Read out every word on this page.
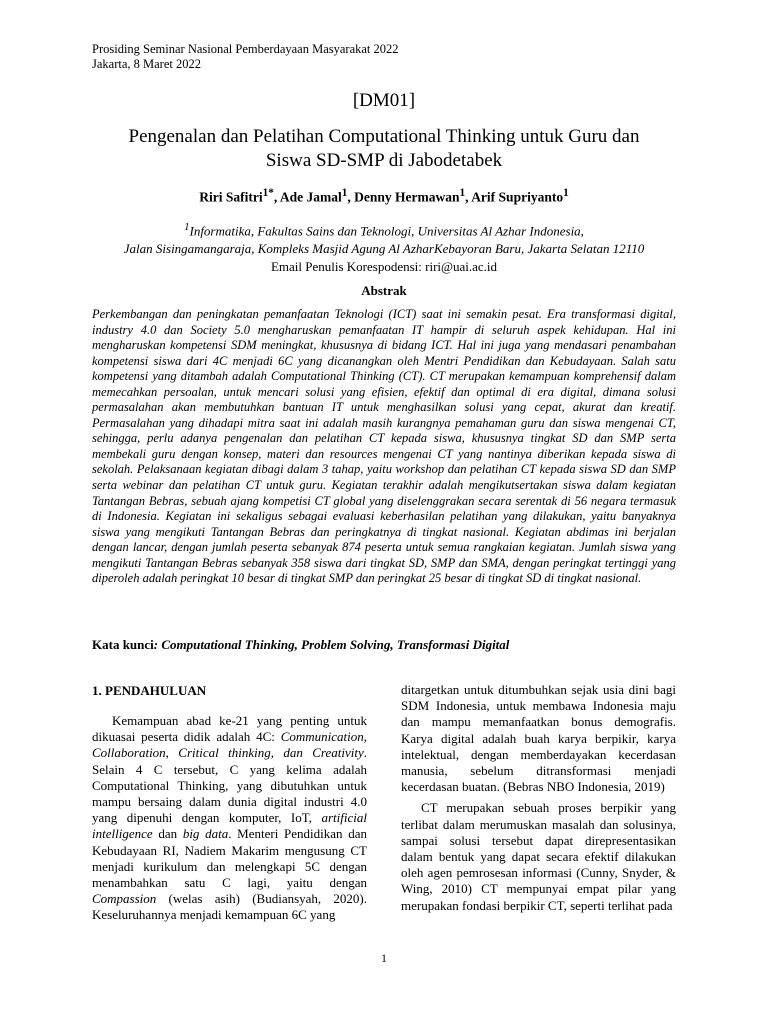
Prosiding Seminar Nasional Pemberdayaan Masyarakat 2022
Jakarta, 8 Maret 2022
[DM01]
Pengenalan dan Pelatihan Computational Thinking untuk Guru dan
Siswa SD-SMP di Jabodetabek
Riri Safitri$^{1*}$, Ade Jamal$^1$, Denny Hermawan$^1$, Arif Supriyanto$^1$
$^1$Informatika, Fakultas Sains dan Teknologi, Universitas Al Azhar Indonesia,
Jalan Sisingamangaraja, Kompleks Masjid Agung Al AzharKebayoran Baru, Jakarta Selatan 12110
Email Penulis Korespodensi: riri@uai.ac.id
Abstrak
Perkembangan dan peningkatan pemanfaatan Teknologi (ICT) saat ini semakin pesat. Era transformasi digital, industry 4.0 dan Society 5.0 mengharuskan pemanfaatan IT hampir di seluruh aspek kehidupan. Hal ini mengharuskan kompetensi SDM meningkat, khususnya di bidang ICT. Hal ini juga yang mendasari penambahan kompetensi siswa dari 4C menjadi 6C yang dicanangkan oleh Mentri Pendidikan dan Kebudayaan. Salah satu kompetensi yang ditambah adalah Computational Thinking (CT). CT merupakan kemampuan komprehensif dalam memecahkan persoalan, untuk mencari solusi yang efisien, efektif dan optimal di era digital, dimana solusi permasalahan akan membutuhkan bantuan IT untuk menghasilkan solusi yang cepat, akurat dan kreatif. Permasalahan yang dihadapi mitra saat ini adalah masih kurangnya pemahaman guru dan siswa mengenai CT, sehingga, perlu adanya pengenalan dan pelatihan CT kepada siswa, khususnya tingkat SD dan SMP serta membekali guru dengan konsep, materi dan resources mengenai CT yang nantinya diberikan kepada siswa di sekolah. Pelaksanaan kegiatan dibagi dalam 3 tahap, yaitu workshop dan pelatihan CT kepada siswa SD dan SMP serta webinar dan pelatihan CT untuk guru. Kegiatan terakhir adalah mengikutsertakan siswa dalam kegiatan Tantangan Bebras, sebuah ajang kompetisi CT global yang diselenggrakan secara serentak di 56 negara termasuk di Indonesia. Kegiatan ini sekaligus sebagai evaluasi keberhasilan pelatihan yang dilakukan, yaitu banyaknya siswa yang mengikuti Tantangan Bebras dan peringkatnya di tingkat nasional. Kegiatan abdimas ini berjalan dengan lancar, dengan jumlah peserta sebanyak 874 peserta untuk semua rangkaian kegiatan. Jumlah siswa yang mengikuti Tantangan Bebras sebanyak 358 siswa dari tingkat SD, SMP dan SMA, dengan peringkat tertinggi yang diperoleh adalah peringkat 10 besar di tingkat SMP dan peringkat 25 besar di tingkat SD di tingkat nasional.
Kata kunci: Computational Thinking, Problem Solving, Transformasi Digital
1. PENDAHULUAN

Kemampuan abad ke-21 yang penting untuk dikuasai peserta didik adalah 4C: Communication, Collaboration, Critical thinking, dan Creativity. Selain 4 C tersebut, C yang kelima adalah Computational Thinking, yang dibutuhkan untuk mampu bersaing dalam dunia digital industri 4.0 yang dipenuhi dengan komputer, IoT, artificial intelligence dan big data. Menteri Pendidikan dan Kebudayaan RI, Nadiem Makarim mengusung CT menjadi kurikulum dan melengkapi 5C dengan menambahkan satu C lagi, yaitu dengan Compassion (welas asih) (Budiansyah, 2020). Keseluruhannya menjadi kemampuan 6C yang

ditargetkan untuk ditumbuhkan sejak usia dini bagi SDM Indonesia, untuk membawa Indonesia maju dan mampu memanfaatkan bonus demografis. Karya digital adalah buah karya berpikir, karya intelektual, dengan memberdayakan kecerdasan manusia, sebelum ditransformasi menjadi kecerdasan buatan. (Bebras NBO Indonesia, 2019)

CT merupakan sebuah proses berpikir yang terlibat dalam merumuskan masalah dan solusinya, sampai solusi tersebut dapat direpresentasikan dalam bentuk yang dapat secara efektif dilakukan oleh agen pemrosesan informasi (Cunny, Snyder, & Wing, 2010) CT mempunyai empat pilar yang merupakan fondasi berpikir CT, seperti terlihat pada

1
